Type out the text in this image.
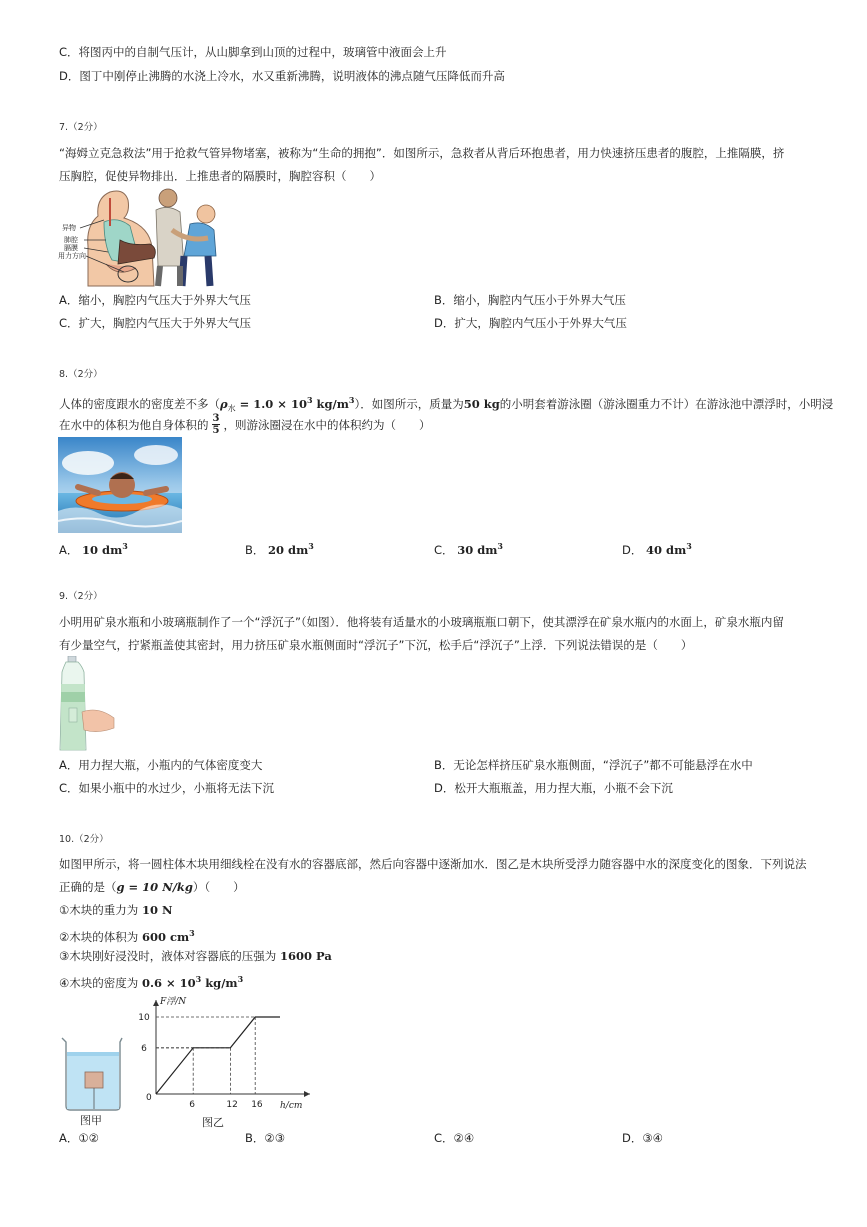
C．将图丙中的自制气压计，从山脚拿到山顶的过程中，玻璃管中液面会上升
D．图丁中刚停止沸腾的水浇上冷水，水又重新沸腾，说明液体的沸点随气压降低而升高
7.（2分）
“海姆立克急救法”用于抢救气管异物堵塞，被称为“生命的拥抱”．如图所示，急救者从背后环抱患者，用力快速挤压患者的腹腔，上推隔膜，挤
压胸腔，促使异物排出．上推患者的隔膜时，胸腔容积（　　）
异物
肺腔
膈膜
用力方向
A．缩小，胸腔内气压大于外界大气压	B．缩小，胸腔内气压小于外界大气压
C．扩大，胸腔内气压大于外界大气压	D．扩大，胸腔内气压小于外界大气压
8.（2分）
人体的密度跟水的密度差不多（$\rho_水 = 1.0 \times 10^3$ $kg/m^3$）．如图所示，质量为50 kg的小明套着游泳圈（游泳圈重力不计）在游泳池中漂浮时，小明浸
在水中的体积为他自身体积的 $\frac{3}{5}$ ，则游泳圈浸在水中的体积约为（　　）
A． 10 $dm^3$	B． 20 $dm^3$	C． 30 $dm^3$	D． 40 $dm^3$
9.（2分）
小明用矿泉水瓶和小玻璃瓶制作了一个“浮沉子”（如图）．他将装有适量水的小玻璃瓶瓶口朝下，使其漂浮在矿泉水瓶内的水面上，矿泉水瓶内留
有少量空气，拧紧瓶盖使其密封，用力挤压矿泉水瓶侧面时“浮沉子”下沉，松手后“浮沉子”上浮．下列说法错误的是（　　）
A．用力捏大瓶，小瓶内的气体密度变大	B．无论怎样挤压矿泉水瓶侧面，“浮沉子”都不可能悬浮在水中
C．如果小瓶中的水过少，小瓶将无法下沉	D．松开大瓶瓶盖，用力捏大瓶，小瓶不会下沉
10.（2分）
如图甲所示，将一圆柱体木块用细线栓在没有水的容器底部，然后向容器中逐渐加水．图乙是木块所受浮力随容器中水的深度变化的图象．下列说法
正确的是（g = 10 N/kg）（　　）
①木块的重力为 10 N
②木块的体积为 600 $cm^3$
③木块刚好浸没时，液体对容器底的压强为 1600 Pa
④木块的密度为 $0.6 \times 10^3$ $kg/m^3$
图甲
F浮/N
h/cm
0
6	12 16
6
10
图乙
A．①②	B．②③	C．②④	D．③④
